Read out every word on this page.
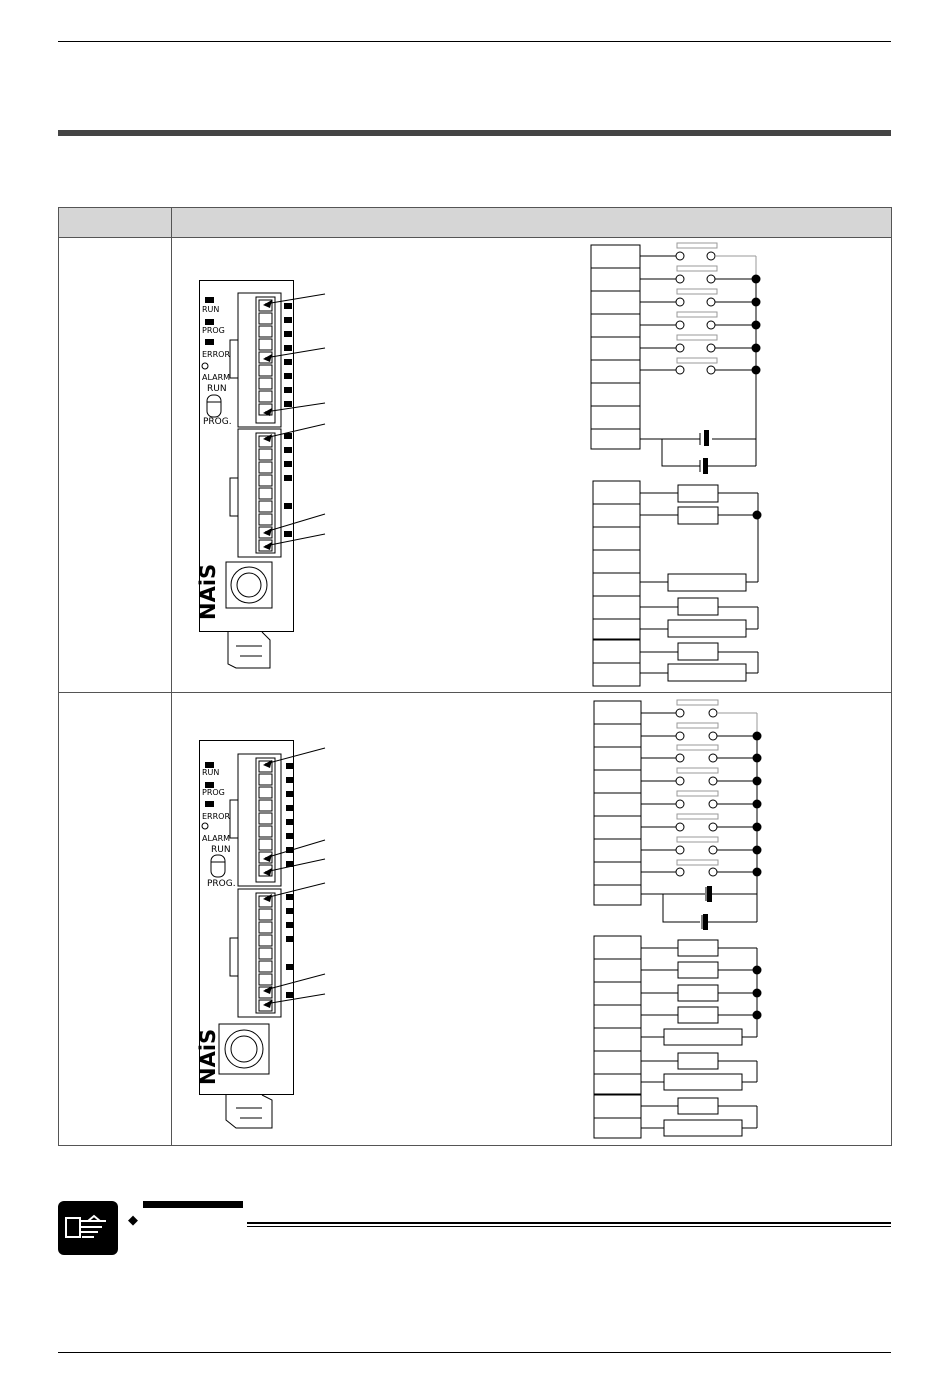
RUN
PROG
ERROR
ALARM
RUN
PROG.
NAiS
RUN
PROG
ERROR
ALARM
RUN
PROG.
NAiS
◆
